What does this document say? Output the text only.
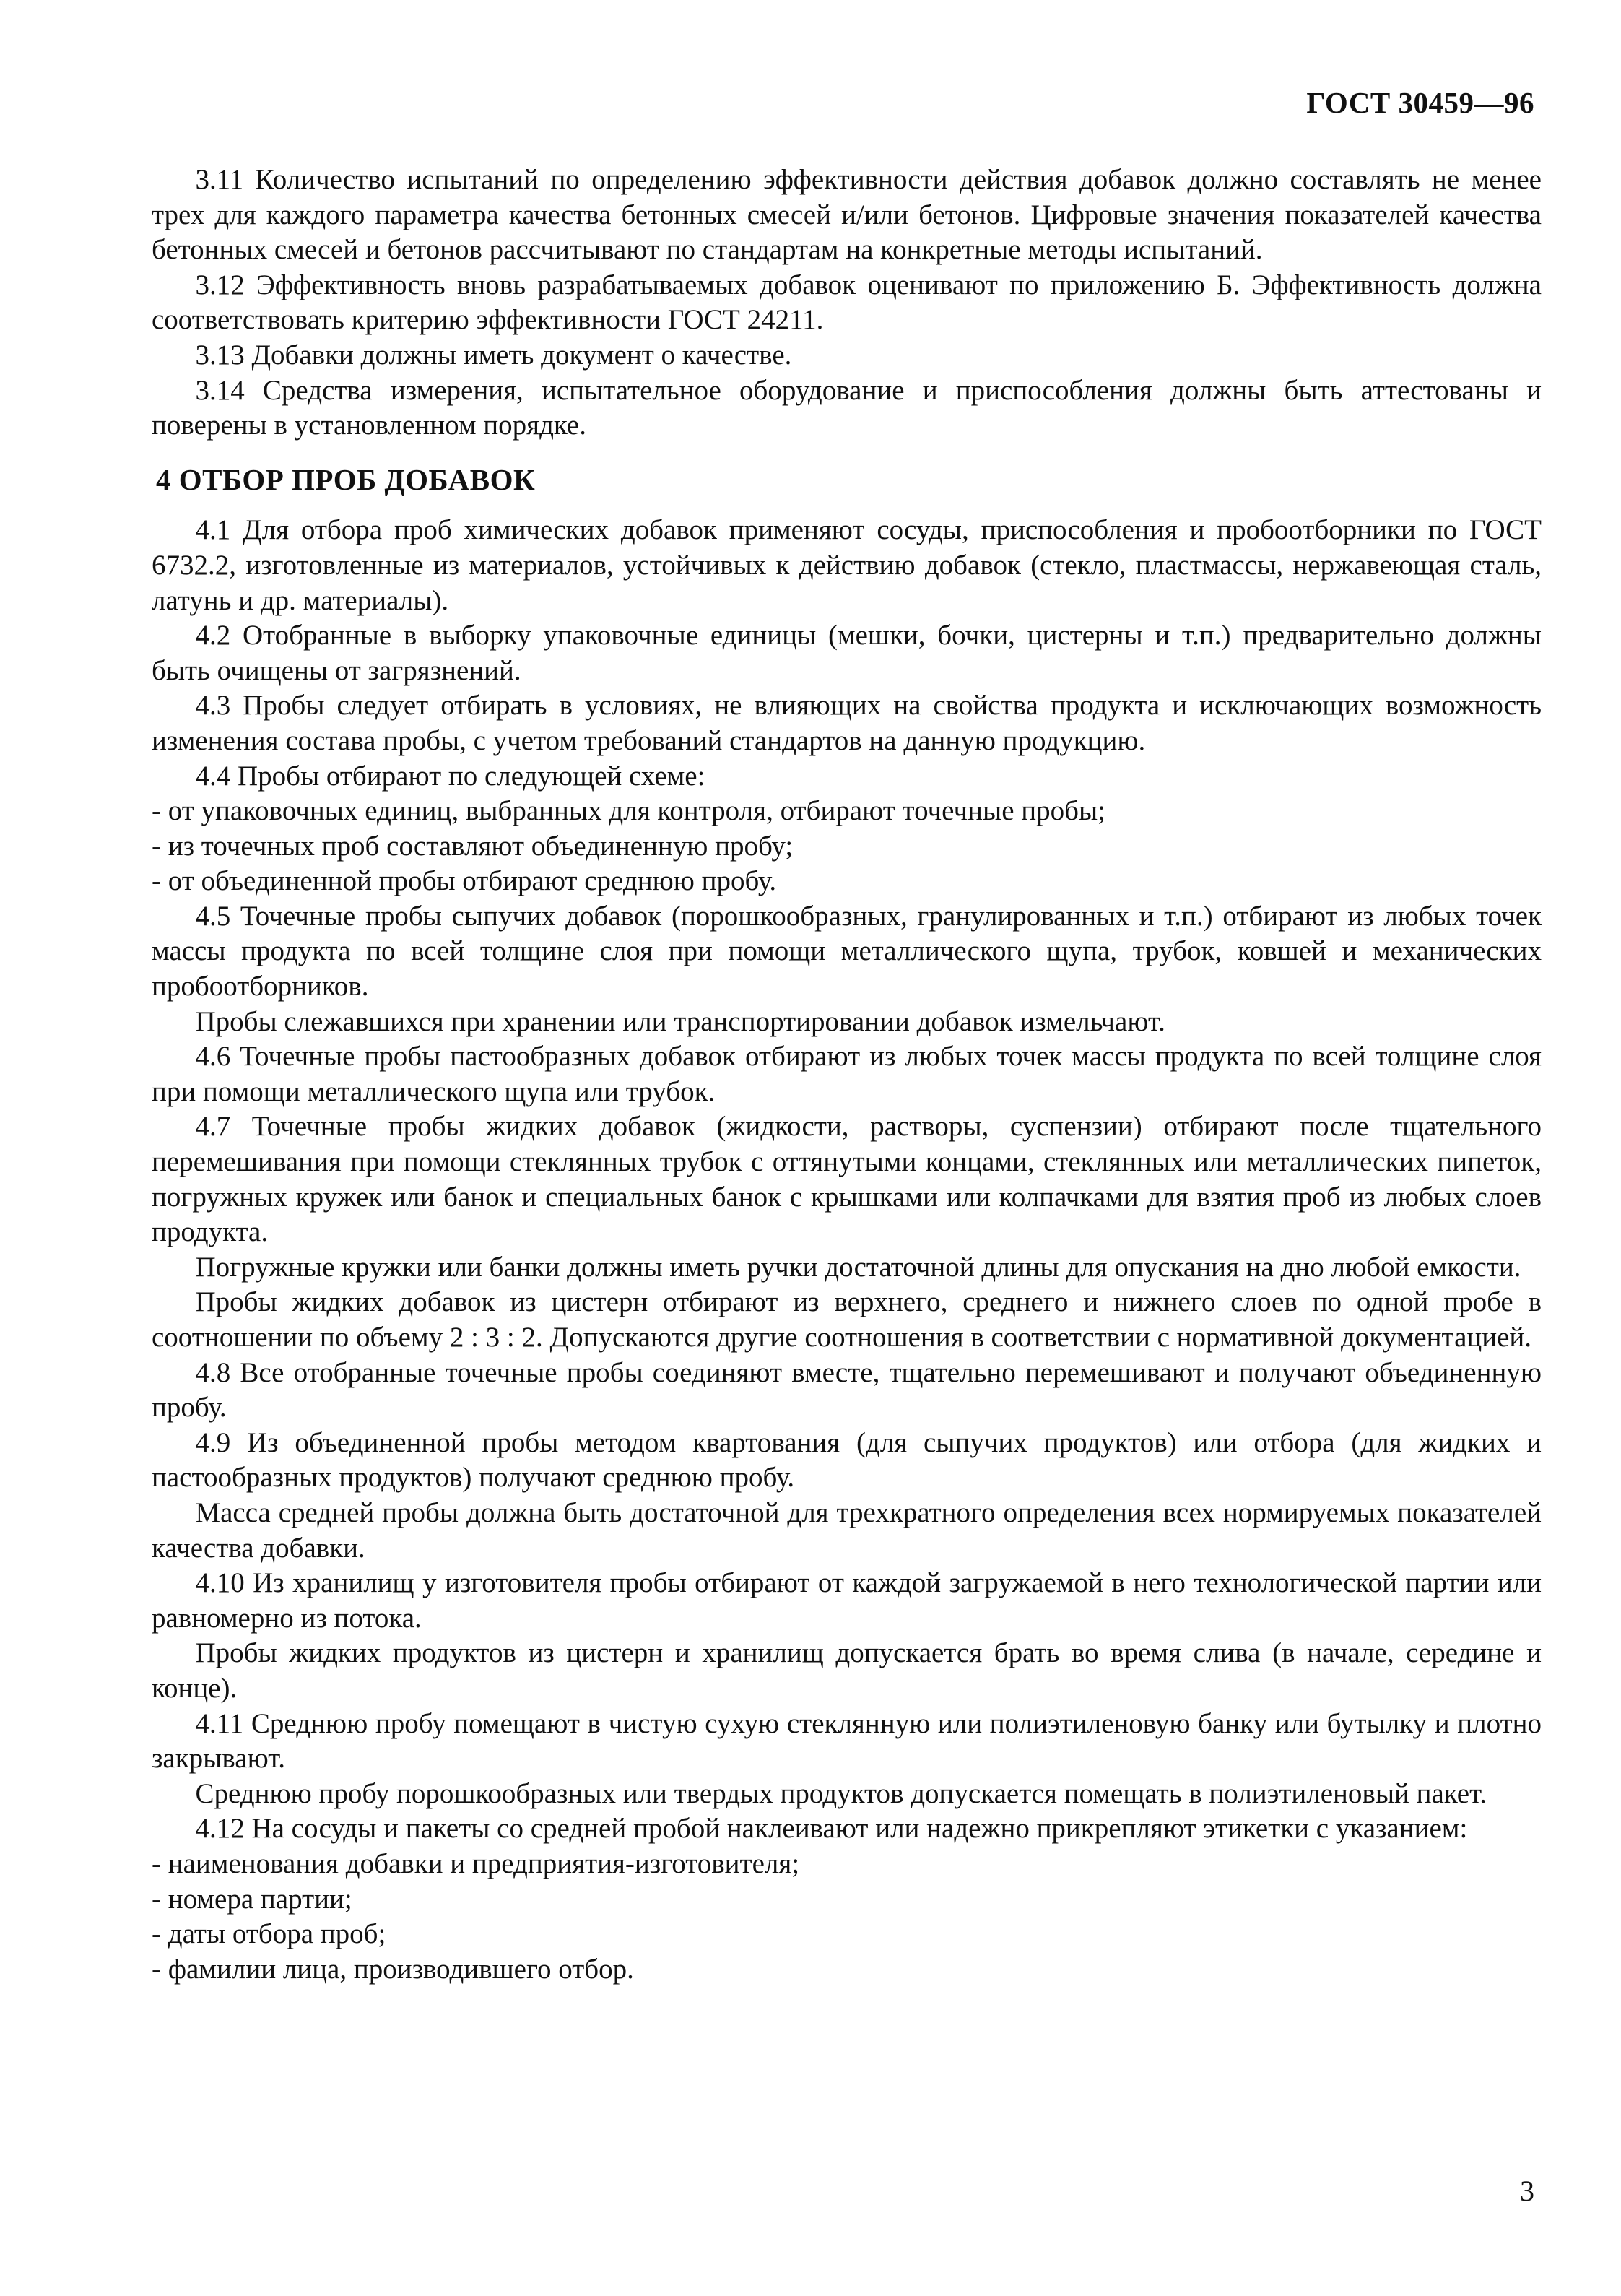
ГОСТ 30459—96

3.11 Количество испытаний по определению эффективности действия добавок должно составлять не менее трех для каждого параметра качества бетонных смесей и/или бетонов. Цифровые значения показателей качества бетонных смесей и бетонов рассчитывают по стандартам на конкретные методы испытаний.

3.12 Эффективность вновь разрабатываемых добавок оценивают по приложению Б. Эффективность должна соответствовать критерию эффективности ГОСТ 24211.

3.13 Добавки должны иметь документ о качестве.

3.14 Средства измерения, испытательное оборудование и приспособления должны быть аттестованы и поверены в установленном порядке.

4 ОТБОР ПРОБ ДОБАВОК

4.1 Для отбора проб химических добавок применяют сосуды, приспособления и пробоотборники по ГОСТ 6732.2, изготовленные из материалов, устойчивых к действию добавок (стекло, пластмассы, нержавеющая сталь, латунь и др. материалы).

4.2 Отобранные в выборку упаковочные единицы (мешки, бочки, цистерны и т.п.) предварительно должны быть очищены от загрязнений.

4.3 Пробы следует отбирать в условиях, не влияющих на свойства продукта и исключающих возможность изменения состава пробы, с учетом требований стандартов на данную продукцию.

4.4 Пробы отбирают по следующей схеме:

- от упаковочных единиц, выбранных для контроля, отбирают точечные пробы;

- из точечных проб составляют объединенную пробу;

- от объединенной пробы отбирают среднюю пробу.

4.5 Точечные пробы сыпучих добавок (порошкообразных, гранулированных и т.п.) отбирают из любых точек массы продукта по всей толщине слоя при помощи металлического щупа, трубок, ковшей и механических пробоотборников.

Пробы слежавшихся при хранении или транспортировании добавок измельчают.

4.6 Точечные пробы пастообразных добавок отбирают из любых точек массы продукта по всей толщине слоя при помощи металлического щупа или трубок.

4.7 Точечные пробы жидких добавок (жидкости, растворы, суспензии) отбирают после тщательного перемешивания при помощи стеклянных трубок с оттянутыми концами, стеклянных или металлических пипеток, погружных кружек или банок и специальных банок с крышками или колпачками для взятия проб из любых слоев продукта.

Погружные кружки или банки должны иметь ручки достаточной длины для опускания на дно любой емкости.

Пробы жидких добавок из цистерн отбирают из верхнего, среднего и нижнего слоев по одной пробе в соотношении по объему 2 : 3 : 2. Допускаются другие соотношения в соответствии с нормативной документацией.

4.8 Все отобранные точечные пробы соединяют вместе, тщательно перемешивают и получают объединенную пробу.

4.9 Из объединенной пробы методом квартования (для сыпучих продуктов) или отбора (для жидких и пастообразных продуктов) получают среднюю пробу.

Масса средней пробы должна быть достаточной для трехкратного определения всех нормируемых показателей качества добавки.

4.10 Из хранилищ у изготовителя пробы отбирают от каждой загружаемой в него технологической партии или равномерно из потока.

Пробы жидких продуктов из цистерн и хранилищ допускается брать во время слива (в начале, середине и конце).

4.11 Среднюю пробу помещают в чистую сухую стеклянную или полиэтиленовую банку или бутылку и плотно закрывают.

Среднюю пробу порошкообразных или твердых продуктов допускается помещать в полиэтиленовый пакет.

4.12 На сосуды и пакеты со средней пробой наклеивают или надежно прикрепляют этикетки с указанием:

- наименования добавки и предприятия-изготовителя;

- номера партии;

- даты отбора проб;

- фамилии лица, производившего отбор.

3
